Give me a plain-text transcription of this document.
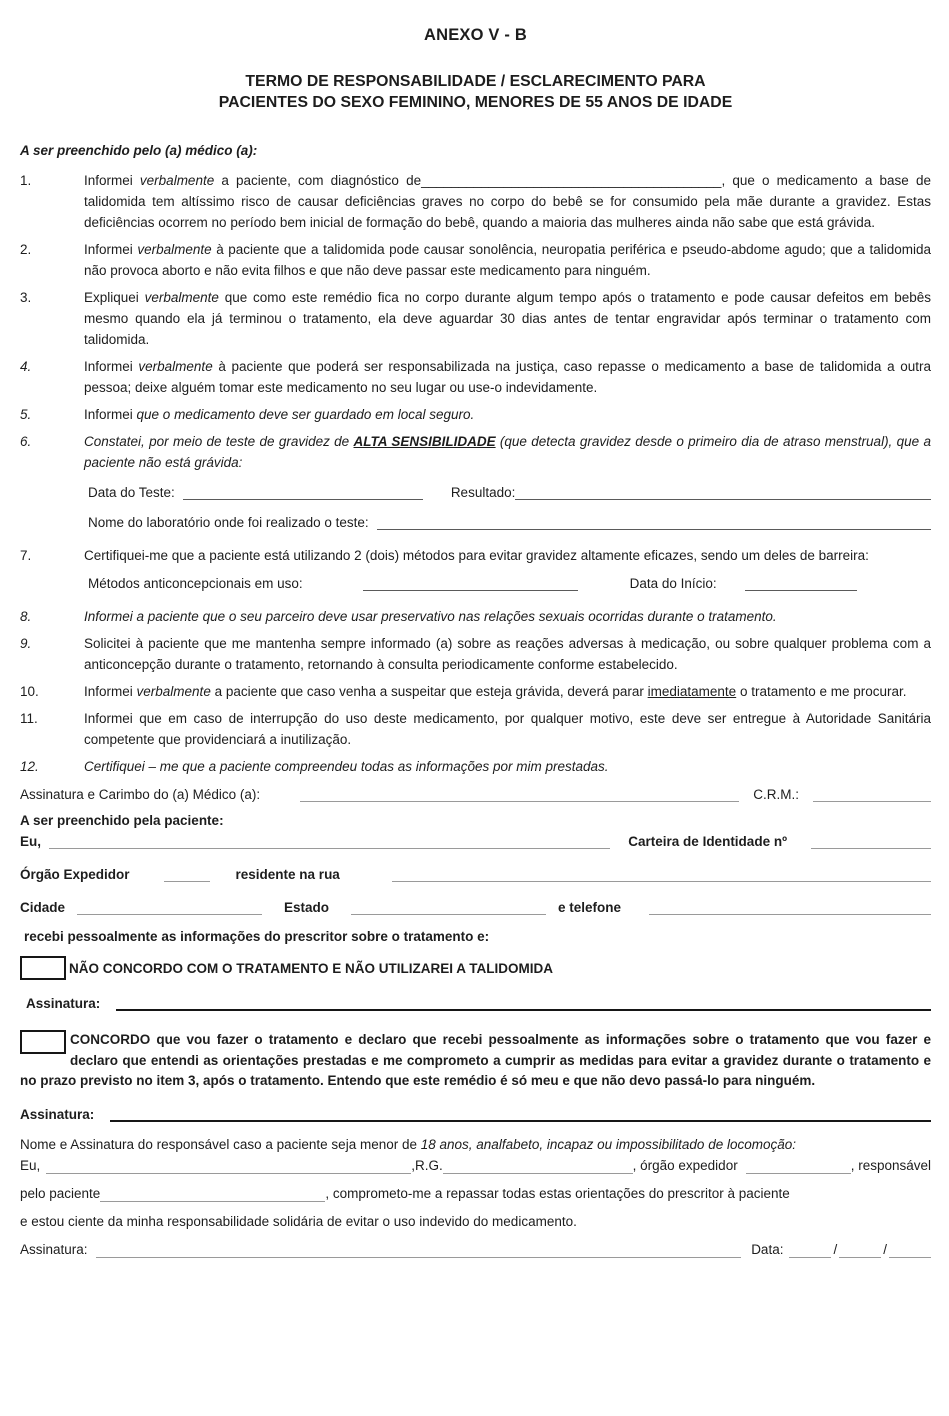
ANEXO V - B
TERMO DE RESPONSABILIDADE / ESCLARECIMENTO PARA
PACIENTES DO SEXO FEMININO, MENORES DE 55 ANOS DE IDADE
A ser preenchido pelo (a) médico (a):
1.	Informei verbalmente a paciente, com diagnóstico de________________________________________, que o medicamento a base de talidomida tem altíssimo risco de causar deficiências graves no corpo do bebê se for consumido pela mãe durante a gravidez. Estas deficiências ocorrem no período bem inicial de formação do bebê, quando a maioria das mulheres ainda não sabe que está grávida.
2.	Informei verbalmente à paciente que a talidomida pode causar sonolência, neuropatia periférica e pseudo-abdome agudo; que a talidomida não provoca aborto e não evita filhos e que não deve passar este medicamento para ninguém.
3.	Expliquei verbalmente que como este remédio fica no corpo durante algum tempo após o tratamento e pode causar defeitos em bebês mesmo quando ela já terminou o tratamento, ela deve aguardar 30 dias antes de tentar engravidar após terminar o tratamento com talidomida.
4.	Informei verbalmente à paciente que poderá ser responsabilizada na justiça, caso repasse o medicamento a base de talidomida a outra pessoa; deixe alguém tomar este medicamento no seu lugar ou use-o indevidamente.
5.	Informei que o medicamento deve ser guardado em local seguro.
6.	Constatei, por meio de teste de gravidez de ALTA SENSIBILIDADE (que detecta gravidez desde o primeiro dia de atraso menstrual), que a paciente não está grávida:
Data do Teste:	Resultado:
Nome do laboratório onde foi realizado o teste:
7.	Certifiquei-me que a paciente está utilizando 2 (dois) métodos para evitar gravidez altamente eficazes, sendo um deles de barreira:
Métodos anticoncepcionais em uso:	Data do Início:
8.	Informei a paciente que o seu parceiro deve usar preservativo nas relações sexuais ocorridas durante o tratamento.
9.	Solicitei à paciente que me mantenha sempre informado (a) sobre as reações adversas à medicação, ou sobre qualquer problema com a anticoncepção durante o tratamento, retornando à consulta periodicamente conforme estabelecido.
10.	Informei verbalmente a paciente que caso venha a suspeitar que esteja grávida, deverá parar imediatamente o tratamento e me procurar.
11.	Informei que em caso de interrupção do uso deste medicamento, por qualquer motivo, este deve ser entregue à Autoridade Sanitária competente que providenciará a inutilização.
12.	Certifiquei – me que a paciente compreendeu todas as informações por mim prestadas.
Assinatura e Carimbo do (a) Médico (a):	C.R.M.:
A ser preenchido pela paciente:
Eu,	Carteira de Identidade nº
Órgão Expedidor	residente na rua
Cidade	Estado	e telefone
recebi pessoalmente as informações do prescritor sobre o tratamento e:
NÃO CONCORDO COM O TRATAMENTO E NÃO UTILIZAREI A TALIDOMIDA
Assinatura:
CONCORDO que vou fazer o tratamento e declaro que recebi pessoalmente as informações sobre o tratamento que vou fazer e declaro que entendi as orientações prestadas e me comprometo a cumprir as medidas para evitar a gravidez durante o tratamento e no prazo previsto no item 3, após o tratamento. Entendo que este remédio é só meu e que não devo passá-lo para ninguém.
Assinatura:
Nome e Assinatura do responsável caso a paciente seja menor de 18 anos, analfabeto, incapaz ou impossibilitado de locomoção:
Eu,	,R.G.	, órgão expedidor	, responsável
pelo paciente	, comprometo-me a repassar todas estas orientações do prescritor à paciente
e estou ciente da minha responsabilidade solidária de evitar o uso indevido do medicamento.
Assinatura:	Data:	/	/
